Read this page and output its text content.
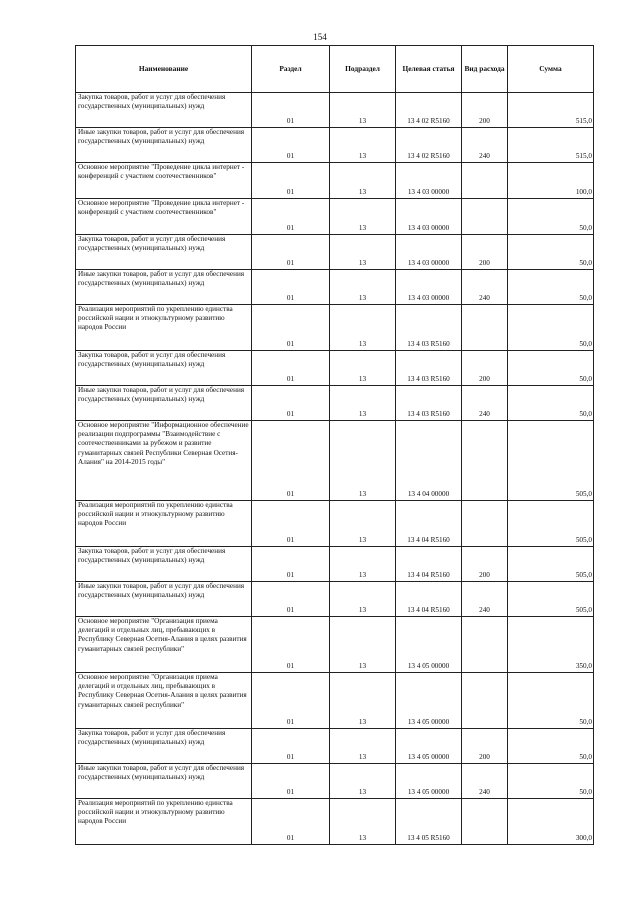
154
Наименование	Раздел	Подраздел	Целевая статья	Вид расхода	Сумма
Закупка товаров, работ и услуг для обеспечения государственных (муниципальных) нужд	01	13	13 4 02 R5160	200	515,0
Иные закупки товаров, работ и услуг для обеспечения государственных (муниципальных) нужд	01	13	13 4 02 R5160	240	515,0
Основное мероприятие "Проведение цикла интернет - конференций с участием соотечественников"	01	13	13 4 03 00000		100,0
Основное мероприятие "Проведение цикла интернет - конференций с участием соотечественников"	01	13	13 4 03 00000		50,0
Закупка товаров, работ и услуг для обеспечения государственных (муниципальных) нужд	01	13	13 4 03 00000	200	50,0
Иные закупки товаров, работ и услуг для обеспечения государственных (муниципальных) нужд	01	13	13 4 03 00000	240	50,0
Реализация мероприятий по укреплению единства российской нации и этнокультурному развитию народов России	01	13	13 4 03 R5160		50,0
Закупка товаров, работ и услуг для обеспечения государственных (муниципальных) нужд	01	13	13 4 03 R5160	200	50,0
Иные закупки товаров, работ и услуг для обеспечения государственных (муниципальных) нужд	01	13	13 4 03 R5160	240	50,0
Основное мероприятие "Информационное обеспечение реализации подпрограммы "Взаимодействие с соотечественниками за рубежом и развитие гуманитарных связей Республики Северная Осетия-Алания" на 2014-2015 годы"	01	13	13 4 04 00000		505,0
Реализация мероприятий по укреплению единства российской нации и этнокультурному развитию народов России	01	13	13 4 04 R5160		505,0
Закупка товаров, работ и услуг для обеспечения государственных (муниципальных) нужд	01	13	13 4 04 R5160	200	505,0
Иные закупки товаров, работ и услуг для обеспечения государственных (муниципальных) нужд	01	13	13 4 04 R5160	240	505,0
Основное мероприятие "Организация приема делегаций и отдельных лиц, пребывающих в Республику Северная Осетия-Алания в целях развития гуманитарных связей республики"	01	13	13 4 05 00000		350,0
Основное мероприятие "Организация приема делегаций и отдельных лиц, пребывающих в Республику Северная Осетия-Алания в целях развития гуманитарных связей республики"	01	13	13 4 05 00000		50,0
Закупка товаров, работ и услуг для обеспечения государственных (муниципальных) нужд	01	13	13 4 05 00000	200	50,0
Иные закупки товаров, работ и услуг для обеспечения государственных (муниципальных) нужд	01	13	13 4 05 00000	240	50,0
Реализация мероприятий по укреплению единства российской нации и этнокультурному развитию народов России	01	13	13 4 05 R5160		300,0
